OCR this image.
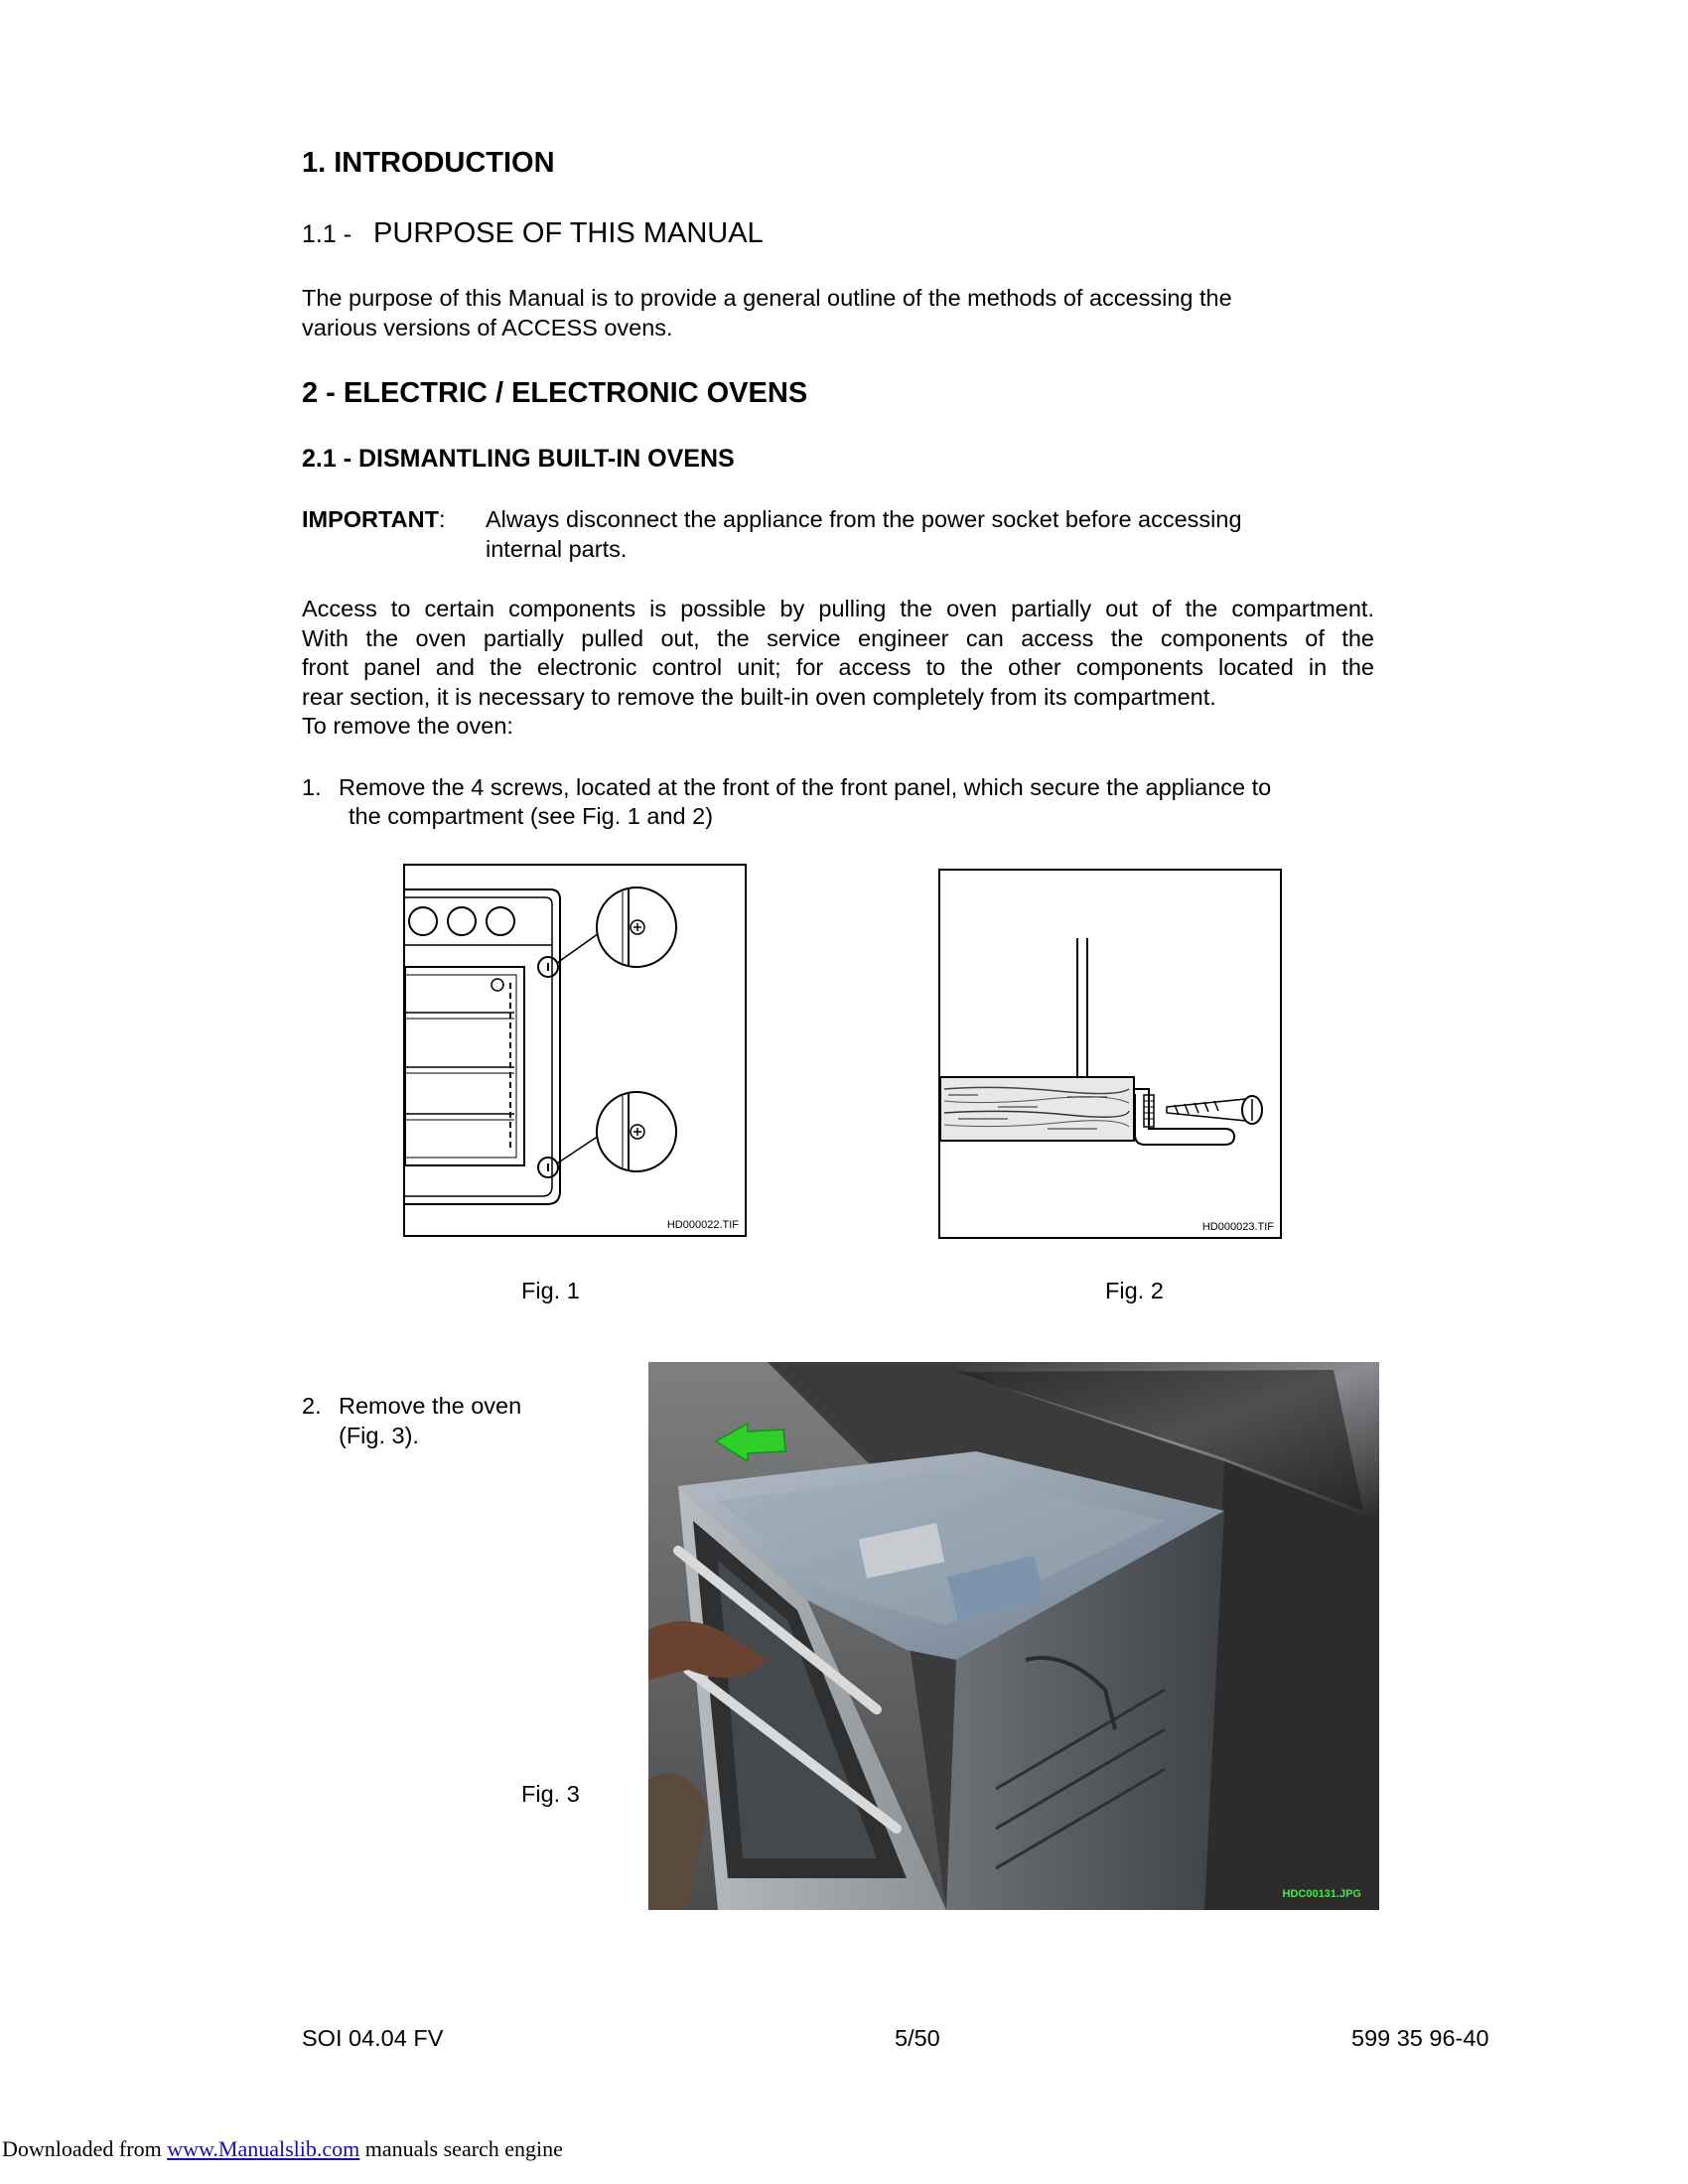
1. INTRODUCTION
1.1 - PURPOSE OF THIS MANUAL
The purpose of this Manual is to provide a general outline of the methods of accessing the
various versions of ACCESS ovens.
2 - ELECTRIC / ELECTRONIC OVENS
2.1 - DISMANTLING BUILT-IN OVENS
IMPORTANT: Always disconnect the appliance from the power socket before accessing
internal parts.
Access to certain components is possible by pulling the oven partially out of the compartment.
With the oven partially pulled out, the service engineer can access the components of the
front panel and the electronic control unit; for access to the other components located in the
rear section, it is necessary to remove the built-in oven completely from its compartment.
To remove the oven:
1. Remove the 4 screws, located at the front of the front panel, which secure the appliance to
the compartment (see Fig. 1 and 2)
HD000022.TIF	HD000023.TIF
Fig. 1	Fig. 2
2. Remove the oven
(Fig. 3).
Fig. 3
HDC00131.JPG
SOI 04.04 FV	5/50	599 35 96-40
Downloaded from www.Manualslib.com manuals search engine
